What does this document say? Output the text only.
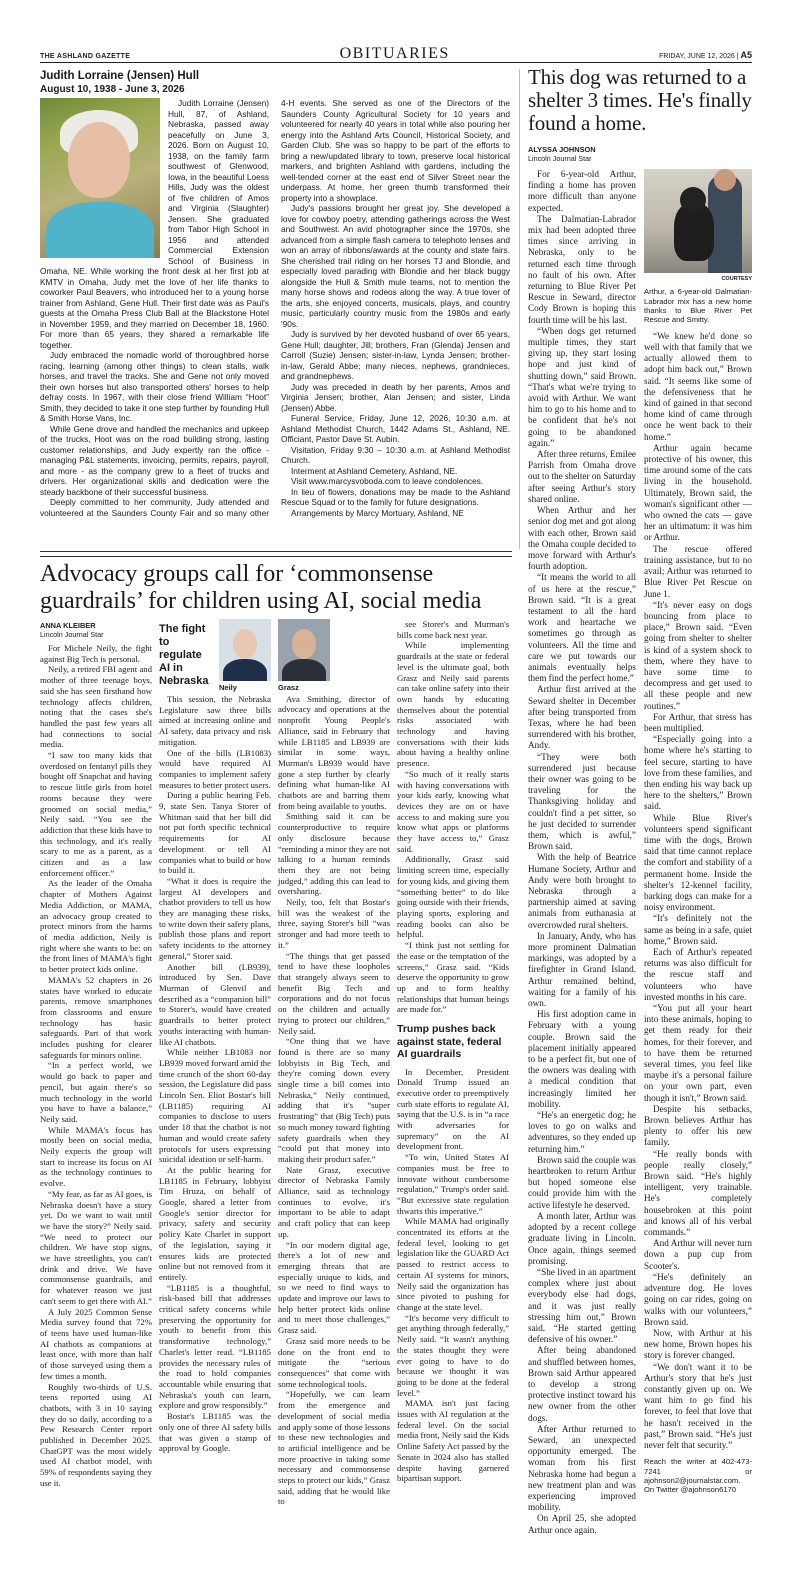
THE ASHLAND GAZETTE	OBITUARIES	FRIDAY, JUNE 12, 2026 | A5
Judith Lorraine (Jensen) Hull
August 10, 1938 - June 3, 2026

Judith Lorraine (Jensen) Hull, 87, of Ashland, Nebraska, passed away peacefully on June 3, 2026. Born on August 10, 1938, on the family farm southwest of Glenwood, Iowa, in the beautiful Loess Hills, Judy was the oldest of five children of Amos and Virginia (Slaughter) Jensen. She graduated from Tabor High School in 1956 and attended Commercial Extension School of Business in Omaha, NE. While working the front desk at her first job at KMTV in Omaha, Judy met the love of her life thanks to coworker Paul Beavers, who introduced her to a young horse trainer from Ashland, Gene Hull. Their first date was as Paul's guests at the Omaha Press Club Ball at the Blackstone Hotel in November 1959, and they married on December 18, 1960. For more than 65 years, they shared a remarkable life together.

Judy embraced the nomadic world of thoroughbred horse racing, learning (among other things) to clean stalls, walk horses, and travel the tracks. She and Gene not only moved their own horses but also transported others' horses to help defray costs. In 1967, with their close friend William “Hoot” Smith, they decided to take it one step further by founding Hull & Smith Horse Vans, Inc.

While Gene drove and handled the mechanics and upkeep of the trucks, Hoot was on the road building strong, lasting customer relationships, and Judy expertly ran the office - managing P&L statements, invoicing, permits, repairs, payroll, and more - as the company grew to a fleet of trucks and drivers. Her organizational skills and dedication were the steady backbone of their successful business.

Deeply committed to her community, Judy attended and volunteered at the Saunders County Fair and so many other 4-H events. She served as one of the Directors of the Saunders County Agricultural Society for 10 years and volunteered for nearly 40 years in total while also pouring her energy into the Ashland Arts Council, Historical Society, and Garden Club. She was so happy to be part of the efforts to bring a new/updated library to town, preserve local historical markers, and brighten Ashland with gardens, including the well-tended corner at the east end of Silver Street near the underpass. At home, her green thumb transformed their property into a showplace.

Judy's passions brought her great joy. She developed a love for cowboy poetry, attending gatherings across the West and Southwest. An avid photographer since the 1970s, she advanced from a simple flash camera to telephoto lenses and won an array of ribbons/awards at the county and state fairs. She cherished trail riding on her horses TJ and Blondie, and especially loved parading with Blondie and her black buggy alongside the Hull & Smith mule teams, not to mention the many horse shows and rodeos along the way. A true lover of the arts, she enjoyed concerts, musicals, plays, and country music, particularly country music from the 1980s and early '90s.

Judy is survived by her devoted husband of over 65 years, Gene Hull; daughter, Jill; brothers, Fran (Glenda) Jensen and Carroll (Suzie) Jensen; sister-in-law, Lynda Jensen; brother-in-law, Gerald Abbe; many nieces, nephews, grandnieces, and grandnephews.

Judy was preceded in death by her parents, Amos and Virginia Jensen; brother, Alan Jensen; and sister, Linda (Jensen) Abbe.

Funeral Service, Friday, June 12, 2026, 10:30 a.m. at Ashland Methodist Church, 1442 Adams St., Ashland, NE. Officiant, Pastor Dave St. Aubin.

Visitation, Friday 9:30 – 10:30 a.m. at Ashland Methodist Church.

Interment at Ashland Cemetery, Ashland, NE.

Visit www.marcysvoboda.com to leave condolences.

In lieu of flowers, donations may be made to the Ashland Rescue Squad or to the family for future designations.

Arrangements by Marcy Mortuary, Ashland, NE

This dog was returned to a shelter 3 times. He's finally found a home.
ALYSSA JOHNSON
Lincoln Journal Star

For 6-year-old Arthur, finding a home has proven more difficult than anyone expected.

The Dalmatian-Labrador mix had been adopted three times since arriving in Nebraska, only to be returned each time through no fault of his own. After returning to Blue River Pet Rescue in Seward, director Cody Brown is hoping this fourth time will be his last.

“When dogs get returned multiple times, they start giving up, they start losing hope and just kind of shutting down,” said Brown. “That's what we're trying to avoid with Arthur. We want him to go to his home and to be confident that he's not going to be abandoned again.”

After three returns, Emilee Parrish from Omaha drove out to the shelter on Saturday after seeing Arthur's story shared online.

When Arthur and her senior dog met and got along with each other, Brown said the Omaha couple decided to move forward with Arthur's fourth adoption.

“It means the world to all of us here at the rescue,” Brown said. “It is a great testament to all the hard work and heartache we sometimes go through as volunteers. All the time and care we put towards our animals eventually helps them find the perfect home.”

Arthur first arrived at the Seward shelter in December after being transported from Texas, where he had been surrendered with his brother, Andy.

“They were both surrendered just because their owner was going to be traveling for the Thanksgiving holiday and couldn't find a pet sitter, so he just decided to surrender them, which is awful,” Brown said.

With the help of Beatrice Humane Society, Arthur and Andy were both brought to Nebraska through a partnership aimed at saving animals from euthanasia at overcrowded rural shelters.

In January, Andy, who has more prominent Dalmatian markings, was adopted by a firefighter in Grand Island. Arthur remained behind, waiting for a family of his own.

His first adoption came in February with a young couple. Brown said the placement initially appeared to be a perfect fit, but one of the owners was dealing with a medical condition that increasingly limited her mobility.

“He's an energetic dog; he loves to go on walks and adventures, so they ended up returning him.”

Brown said the couple was heartbroken to return Arthur but hoped someone else could provide him with the active lifestyle he deserved.

A month later, Arthur was adopted by a recent college graduate living in Lincoln. Once again, things seemed promising.

“She lived in an apartment complex where just about everybody else had dogs, and it was just really stressing him out,” Brown said. “He started getting defensive of his owner.”

After being abandoned and shuffled between homes, Brown said Arthur appeared to develop a strong protective instinct toward his new owner from the other dogs.

After Arthur returned to Seward, an unexpected opportunity emerged. The woman from his first Nebraska home had begun a new treatment plan and was experiencing improved mobility.

On April 25, she adopted Arthur once again.

COURTESY
Arthur, a 6-year-old Dalmatian-Labrador mix has a new home thanks to Blue River Pet Rescue and Smitty.

“We knew he'd done so well with that family that we actually allowed them to adopt him back out,” Brown said. “It seems like some of the defensiveness that he kind of gained in that second home kind of came through once he went back to their home.”

Arthur again became protective of his owner, this time around some of the cats living in the household. Ultimately, Brown said, the woman's significant other — who owned the cats — gave her an ultimatum: it was him or Arthur.

The rescue offered training assistance, but to no avail; Arthur was returned to Blue River Pet Rescue on June 1.

“It's never easy on dogs bouncing from place to place,” Brown said. “Even going from shelter to shelter is kind of a system shock to them, where they have to have some time to decompress and get used to all these people and new routines.”

For Arthur, that stress has been multiplied.

“Especially going into a home where he's starting to feel secure, starting to have love from these families, and then ending his way back up here to the shelters,” Brown said.

While Blue River's volunteers spend significant time with the dogs, Brown said that time cannot replace the comfort and stability of a permanent home. Inside the shelter's 12-kennel facility, barking dogs can make for a noisy environment.

“It's definitely not the same as being in a safe, quiet home,” Brown said.

Each of Arthur's repeated returns was also difficult for the rescue staff and volunteers who have invested months in his care.

“You put all your heart into these animals, hoping to get them ready for their homes, for their forever, and to have them be returned several times, you feel like maybe it's a personal failure on your own part, even though it isn't,” Brown said.

Despite his setbacks, Brown believes Arthur has plenty to offer his new family.

“He really bonds with people really closely,” Brown said. “He's highly intelligent, very trainable. He's completely housebroken at this point and knows all of his verbal commands.”

And Arthur will never turn down a pup cup from Scooter's.

“He's definitely an adventure dog. He loves going on car rides, going on walks with our volunteers,” Brown said.

Now, with Arthur at his new home, Brown hopes his story is forever changed.

“We don't want it to be Arthur's story that he's just constantly given up on. We want him to go find his forever, to feel that love that he hasn't received in the past,” Brown said. “He's just never felt that security.”

Reach the writer at 402-473-7241 or ajohnson2@journalstar.com. On Twitter @ajohnson6170
Advocacy groups call for ‘commonsense guardrails’ for children using AI, social media
ANNA KLEIBER
Lincoln Journal Star

For Michele Neily, the fight against Big Tech is personal.

Neily, a retired FBI agent and mother of three teenage boys, said she has seen firsthand how technology affects children, noting that the cases she's handled the past few years all had connections to social media.

“I saw too many kids that overdosed on fentanyl pills they bought off Snapchat and having to rescue little girls from hotel rooms because they were groomed on social media,” Neily said. “You see the addiction that these kids have to this technology, and it's really scary to me as a parent, as a citizen and as a law enforcement officer.”

As the leader of the Omaha chapter of Mothers Against Media Addiction, or MAMA, an advocacy group created to protect minors from the harms of media addiction, Neily is right where she wants to be: on the front lines of MAMA's fight to better protect kids online.

MAMA's 52 chapters in 26 states have worked to educate parents, remove smartphones from classrooms and ensure technology has basic safeguards. Part of that work includes pushing for clearer safeguards for minors online.

“In a perfect world, we would go back to paper and pencil, but again there's so much technology in the world you have to have a balance,” Neily said.

While MAMA's focus has mostly been on social media, Neily expects the group will start to increase its focus on AI as the technology continues to evolve.

“My fear, as far as AI goes, is Nebraska doesn't have a story yet. Do we want to wait until we have the story?” Neily said. “We need to protect our children. We have stop signs, we have streetlights, you can't drink and drive. We have commonsense guardrails, and for whatever reason we just can't seem to get there with AI.”

A July 2025 Common Sense Media survey found that 72% of teens have used human-like AI chatbots as companions at least once, with more than half of those surveyed using them a few times a month.

Roughly two-thirds of U.S. teens reported using AI chatbots, with 3 in 10 saying they do so daily, according to a Pew Research Center report published in December 2025. ChatGPT was the most widely used AI chatbot model, with 59% of respondents saying they use it.

The fight to regulate AI in Nebraska
Neily

This session, the Nebraska Legislature saw three bills aimed at increasing online and AI safety, data privacy and risk mitigation.

One of the bills (LB1083) would have required AI companies to implement safety measures to better protect users.

During a public hearing Feb. 9, state Sen. Tanya Storer of Whitman said that her bill did not put forth specific technical requirements for AI development or tell AI companies what to build or how to build it.

“What it does is require the largest AI developers and chatbot providers to tell us how they are managing these risks, to write down their safety plans, publish those plans and report safety incidents to the attorney general,” Storer said.

Another bill (LB939), introduced by Sen. Dave Murman of Glenvil and described as a “companion bill” to Storer's, would have created guardrails to better protect youths interacting with human-like AI chatbots.

While neither LB1083 nor LB939 moved forward amid the time crunch of the short 60-day session, the Legislature did pass Lincoln Sen. Eliot Bostar's bill (LB1185) requiring AI companies to disclose to users under 18 that the chatbot is not human and would create safety protocols for users expressing suicidal ideation or self-harm.

At the public hearing for LB1185 in February, lobbyist Tim Hruza, on behalf of Google, shared a letter from Google's senior director for privacy, safety and security policy Kate Charlet in support of the legislation, saying it ensures kids are protected online but not removed from it entirely.

“LB1185 is a thoughtful, risk-based bill that addresses critical safety concerns while preserving the opportunity for youth to benefit from this transformative technology,” Charlet's letter read. “LB1185 provides the necessary rules of the road to hold companies accountable while ensuring that Nebraska's youth can learn, explore and grow responsibly.”

Bostar's LB1185 was the only one of three AI safety bills that was given a stamp of approval by Google.

Grasz

Ava Smithing, director of advocacy and operations at the nonprofit Young People's Alliance, said in February that while LB1185 and LB939 are similar in some ways, Murman's LB939 would have gone a step further by clearly defining what human-like AI chatbots are and barring them from being available to youths.

Smithing said it can be counterproductive to require only disclosure because “reminding a minor they are not talking to a human reminds them they are not being judged,” adding this can lead to oversharing.

Neily, too, felt that Bostar's bill was the weakest of the three, saying Storer's bill “was stronger and had more teeth to it.”

“The things that get passed tend to have these loopholes that strangely always seem to benefit Big Tech and corporations and do not focus on the children and actually trying to protect our children,” Neily said.

“One thing that we have found is there are so many lobbyists in Big Tech, and they're coming down every single time a bill comes into Nebraska,” Neily continued, adding that it's “super frustrating” that (Big Tech) puts so much money toward fighting safety guardrails when they “could put that money into making their product safer.”

Nate Grasz, executive director of Nebraska Family Alliance, said as technology continues to evolve, it's important to be able to adapt and craft policy that can keep up.

“In our modern digital age, there's a lot of new and emerging threats that are especially unique to kids, and so we need to find ways to update and improve our laws to help better protect kids online and to meet those challenges,” Grasz said.

Grasz said more needs to be done on the front end to mitigate the “serious consequences” that come with some technological tools.

“Hopefully, we can learn from the emergence and development of social media and apply some of those lessons to these new technologies and to artificial intelligence and be more proactive in taking some necessary and commonsense steps to protect our kids,” Grasz said, adding that he would like to

see Storer's and Murman's bills come back next year.

While implementing guardrails at the state or federal level is the ultimate goal, both Grasz and Neily said parents can take online safety into their own hands by educating themselves about the potential risks associated with technology and having conversations with their kids about having a healthy online presence.

“So much of it really starts with having conversations with your kids early, knowing what devices they are on or have access to and making sure you know what apps or platforms they have access to,” Grasz said.

Additionally, Grasz said limiting screen time, especially for young kids, and giving them “something better” to do like going outside with their friends, playing sports, exploring and reading books can also be helpful.

“I think just not settling for the ease or the temptation of the screens,” Grasz said. “Kids deserve the opportunity to grow up and to form healthy relationships that human beings are made for.”

Trump pushes back against state, federal AI guardrails

In December, President Donald Trump issued an executive order to preemptively curb state efforts to regulate AI, saying that the U.S. is in “a race with adversaries for supremacy” on the AI development front.

“To win, United States AI companies must be free to innovate without cumbersome regulation,” Trump's order said. “But excessive state regulation thwarts this imperative.”

While MAMA had originally concentrated its efforts at the federal level, looking to get legislation like the GUARD Act passed to restrict access to certain AI systems for minors, Neily said the organization has since pivoted to pushing for change at the state level.

“It's become very difficult to get anything through federally,” Neily said. “It wasn't anything the states thought they were ever going to have to do because we thought it was going to be done at the federal level.”

MAMA isn't just facing issues with AI regulation at the federal level. On the social media front, Neily said the Kids Online Safety Act passed by the Senate in 2024 also has stalled despite having garnered bipartisan support.
